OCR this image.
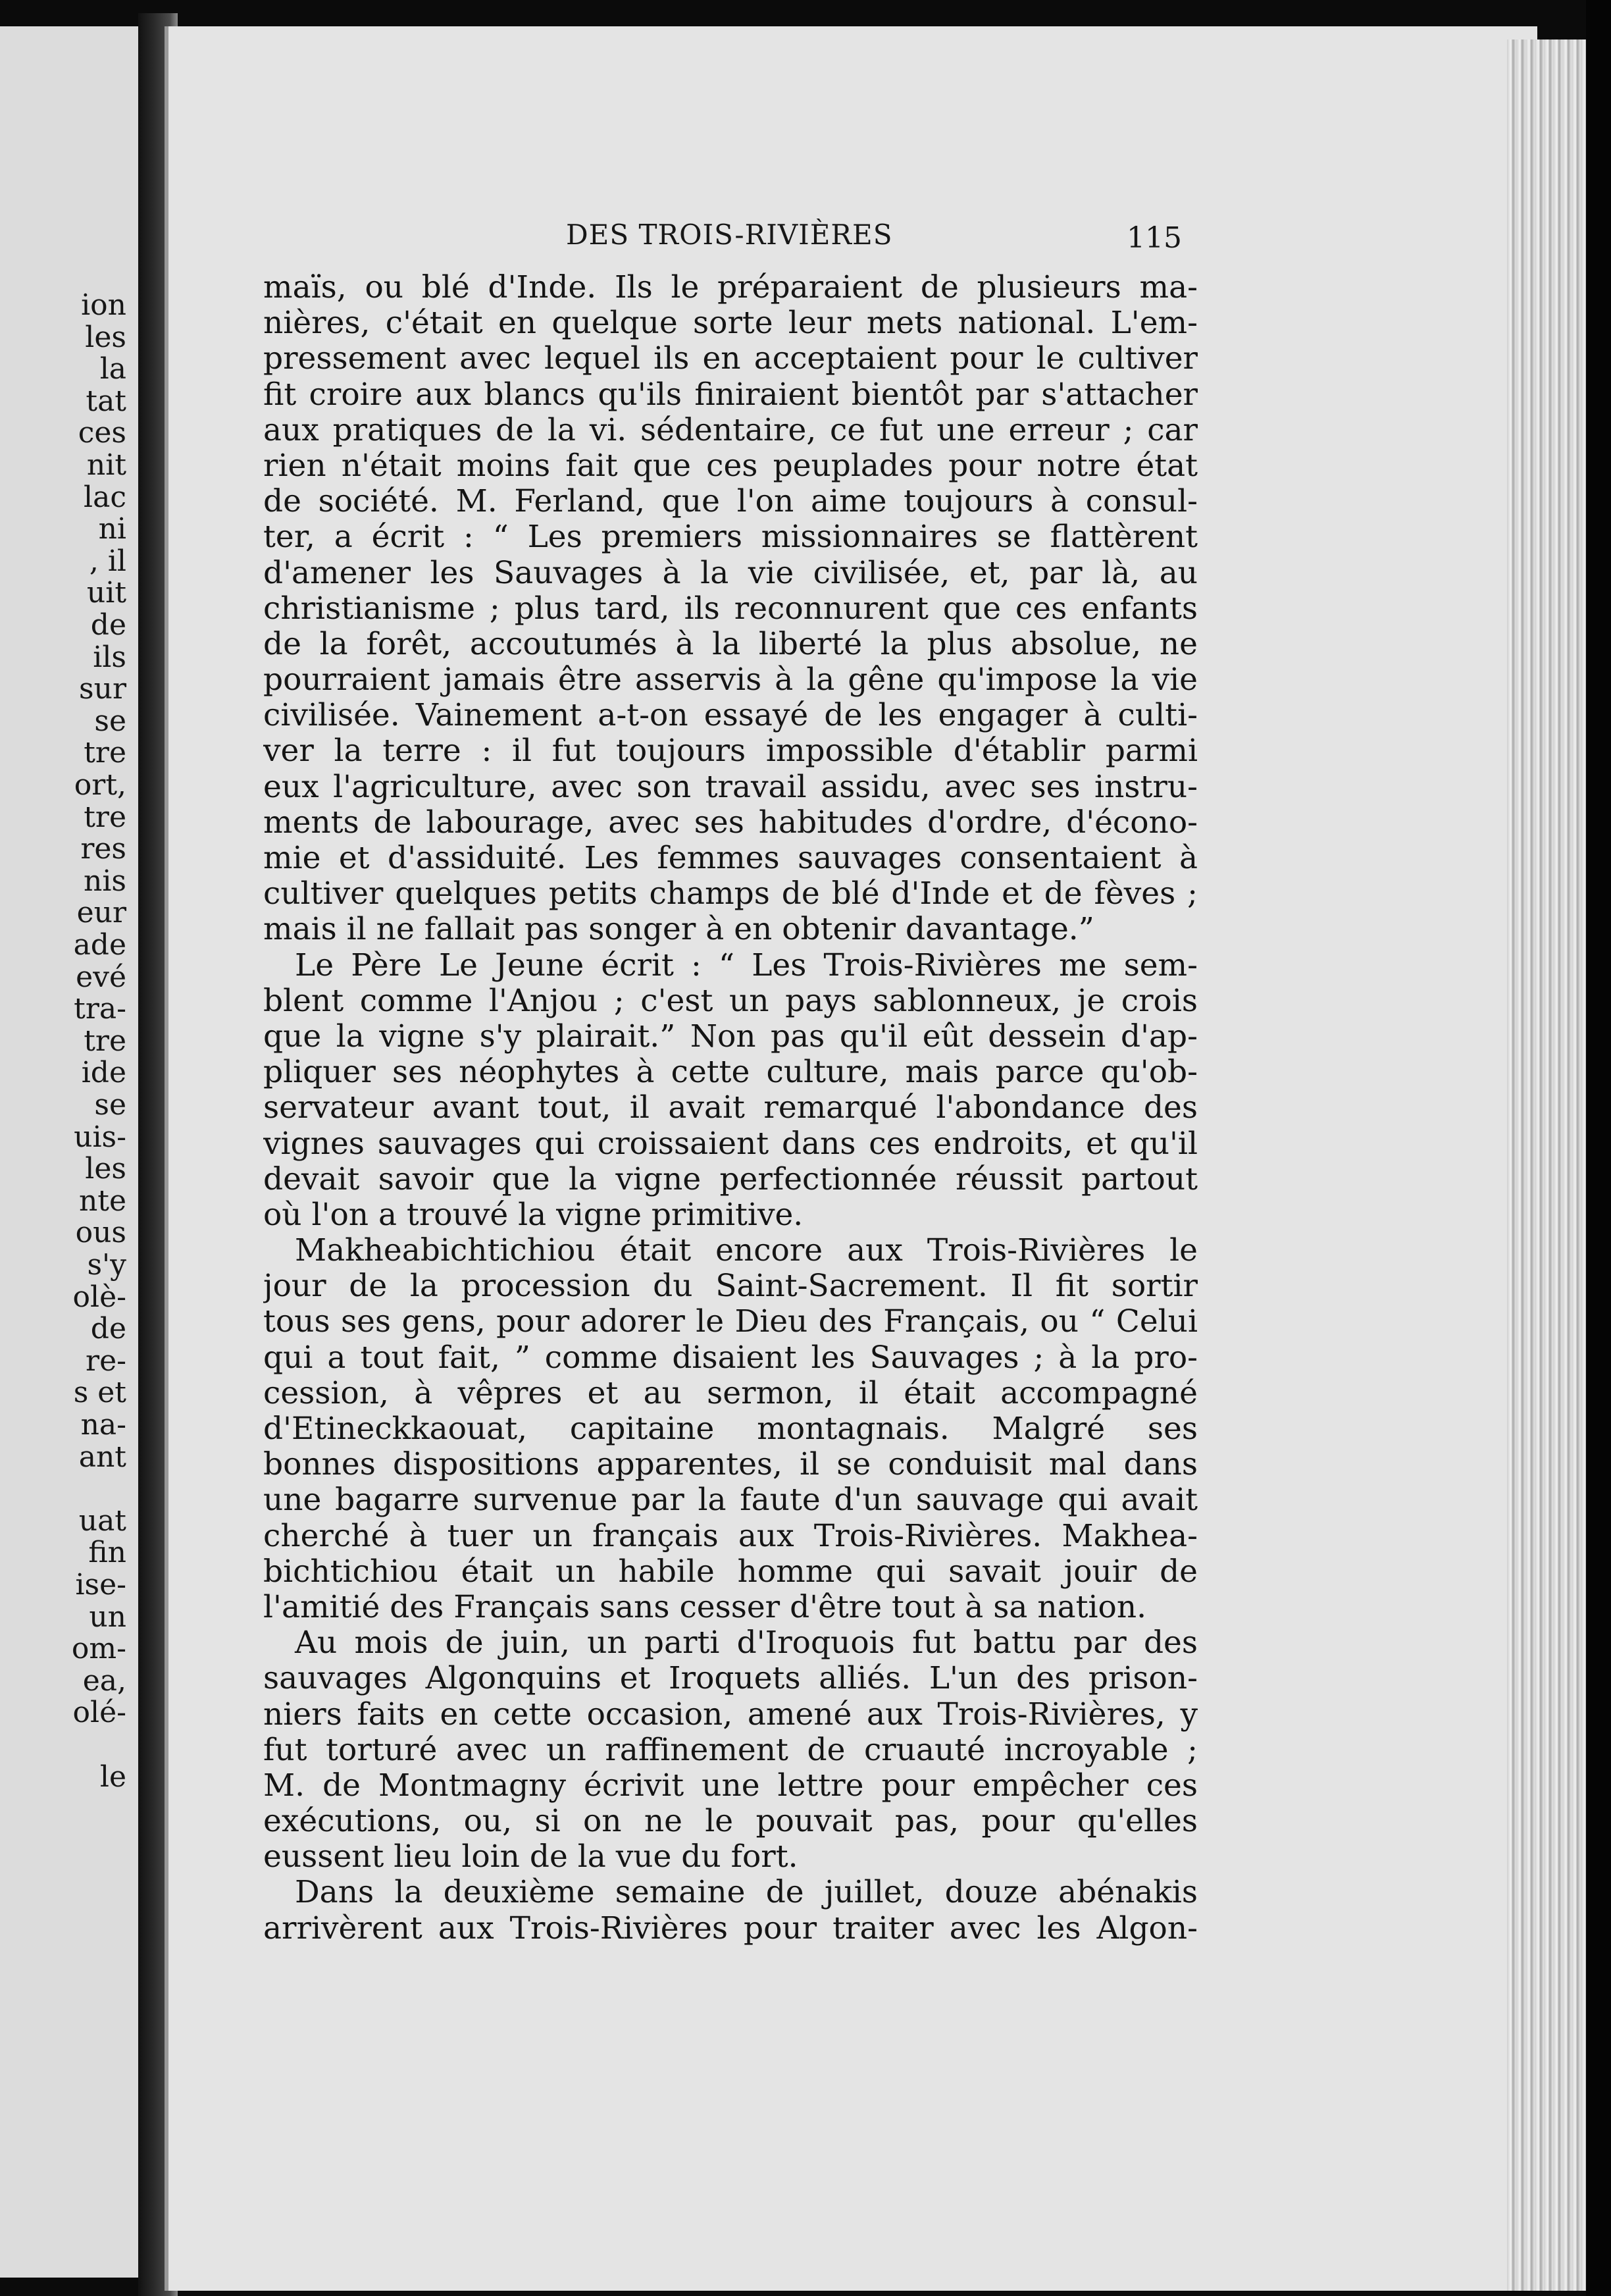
ion
les
la
tat
ces
nit
lac
ni
, il
uit
de
ils
sur
se
tre
ort,
tre
res
nis
eur
ade
evé
tra-
tre
ide
se
uis-
les
nte
ous
s'y
olè-
de
re-
s et
na-
ant
uat
fin
ise-
un
om-
ea,
olé-
le
DES TROIS-RIVIÈRES	115
maïs, ou blé d'Inde. Ils le préparaient de plusieurs ma-
nières, c'était en quelque sorte leur mets national. L'em-
pressement avec lequel ils en acceptaient pour le cultiver
fit croire aux blancs qu'ils finiraient bientôt par s'attacher
aux pratiques de la vi. sédentaire, ce fut une erreur ; car
rien n'était moins fait que ces peuplades pour notre état
de société. M. Ferland, que l'on aime toujours à consul-
ter, a écrit : “ Les premiers missionnaires se flattèrent
d'amener les Sauvages à la vie civilisée, et, par là, au
christianisme ; plus tard, ils reconnurent que ces enfants
de la forêt, accoutumés à la liberté la plus absolue, ne
pourraient jamais être asservis à la gêne qu'impose la vie
civilisée. Vainement a-t-on essayé de les engager à culti-
ver la terre : il fut toujours impossible d'établir parmi
eux l'agriculture, avec son travail assidu, avec ses instru-
ments de labourage, avec ses habitudes d'ordre, d'écono-
mie et d'assiduité. Les femmes sauvages consentaient à
cultiver quelques petits champs de blé d'Inde et de fèves ;
mais il ne fallait pas songer à en obtenir davantage.”
Le Père Le Jeune écrit : “ Les Trois-Rivières me sem-
blent comme l'Anjou ; c'est un pays sablonneux, je crois
que la vigne s'y plairait.” Non pas qu'il eût dessein d'ap-
pliquer ses néophytes à cette culture, mais parce qu'ob-
servateur avant tout, il avait remarqué l'abondance des
vignes sauvages qui croissaient dans ces endroits, et qu'il
devait savoir que la vigne perfectionnée réussit partout
où l'on a trouvé la vigne primitive.
Makheabichtichiou était encore aux Trois-Rivières le
jour de la procession du Saint-Sacrement. Il fit sortir
tous ses gens, pour adorer le Dieu des Français, ou “ Celui
qui a tout fait, ” comme disaient les Sauvages ; à la pro-
cession, à vêpres et au sermon, il était accompagné
d'Etineckkaouat, capitaine montagnais. Malgré ses
bonnes dispositions apparentes, il se conduisit mal dans
une bagarre survenue par la faute d'un sauvage qui avait
cherché à tuer un français aux Trois-Rivières. Makhea-
bichtichiou était un habile homme qui savait jouir de
l'amitié des Français sans cesser d'être tout à sa nation.
Au mois de juin, un parti d'Iroquois fut battu par des
sauvages Algonquins et Iroquets alliés. L'un des prison-
niers faits en cette occasion, amené aux Trois-Rivières, y
fut torturé avec un raffinement de cruauté incroyable ;
M. de Montmagny écrivit une lettre pour empêcher ces
exécutions, ou, si on ne le pouvait pas, pour qu'elles
eussent lieu loin de la vue du fort.
Dans la deuxième semaine de juillet, douze abénakis
arrivèrent aux Trois-Rivières pour traiter avec les Algon-
